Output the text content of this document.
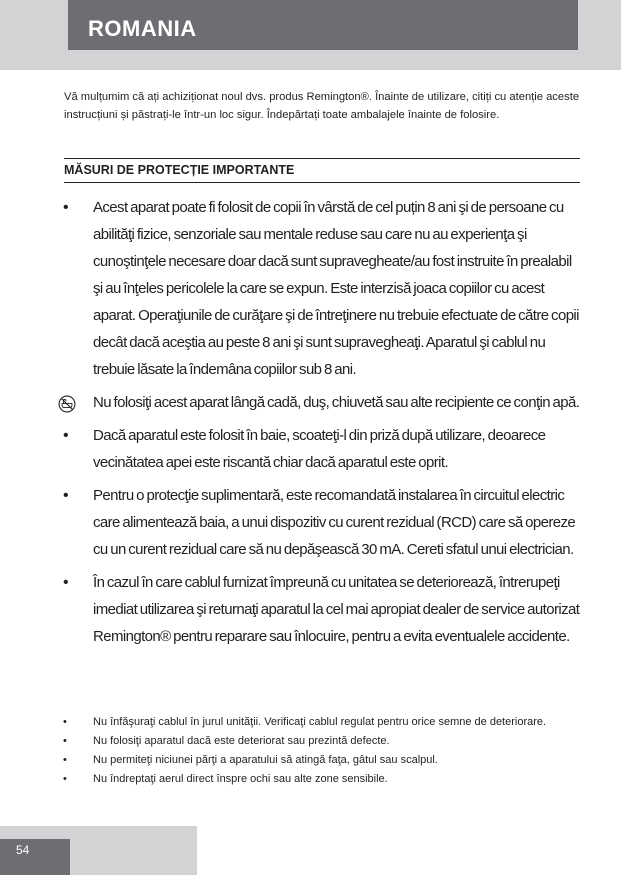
ROMANIA

Vă mulțumim că ați achiziționat noul dvs. produs Remington®. Înainte de utilizare, citiți cu atenție aceste instrucțiuni și păstrați-le într-un loc sigur. Îndepărtați toate ambalajele înainte de folosire.

MĂSURI DE PROTECȚIE IMPORTANTE
• Acest aparat poate fi folosit de copii în vârstă de cel puțin 8 ani şi de persoane cu abilităţi fizice, senzoriale sau mentale reduse sau care nu au experienţa şi cunoştinţele necesare doar dacă sunt supravegheate/au fost instruite în prealabil şi au înţeles pericolele la care se expun. Este interzisă joaca copiilor cu acest aparat. Operaţiunile de curăţare şi de întreţinere nu trebuie efectuate de către copii decât dacă aceştia au peste 8 ani şi sunt supravegheaţi. Aparatul şi cablul nu trebuie lăsate la îndemâna copiilor sub 8 ani.
Nu folosiţi acest aparat lângă cadă, duş, chiuvetă sau alte recipiente ce conţin apă.
• Dacă aparatul este folosit în baie, scoateţi-l din priză după utilizare, deoarece vecinătatea apei este riscantă chiar dacă aparatul este oprit.
• Pentru o protecţie suplimentară, este recomandată instalarea în circuitul electric care alimentează baia, a unui dispozitiv cu curent rezidual (RCD) care să opereze cu un curent rezidual care să nu depăşească 30 mA. Cereti sfatul unui electrician.
• În cazul în care cablul furnizat împreună cu unitatea se deteriorează, întrerupeţi imediat utilizarea şi returnaţi aparatul la cel mai apropiat dealer de service autorizat Remington® pentru reparare sau înlocuire, pentru a evita eventualele accidente.
• Nu înfăşuraţi cablul în jurul unităţii. Verificaţi cablul regulat pentru orice semne de deteriorare.
• Nu folosiţi aparatul dacă este deteriorat sau prezintă defecte.
• Nu permiteţi niciunei părţi a aparatului să atingă faţa, gâtul sau scalpul.
• Nu îndreptaţi aerul direct înspre ochi sau alte zone sensibile.

54
